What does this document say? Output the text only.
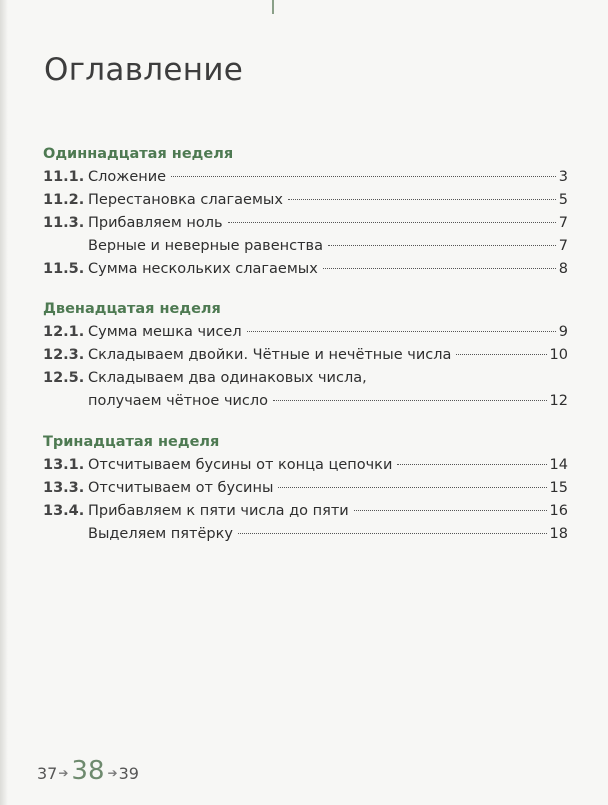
Оглавление
Одиннадцатая неделя
11.1. Сложение	3
11.2. Перестановка слагаемых	5
11.3. Прибавляем ноль	7
Верные и неверные равенства	7
11.5. Сумма нескольких слагаемых	8
Двенадцатая неделя
12.1. Сумма мешка чисел	9
12.3. Складываем двойки. Чётные и нечётные числа	10
12.5. Складываем два одинаковых числа,
получаем чётное число	12
Тринадцатая неделя
13.1. Отсчитываем бусины от конца цепочки	14
13.3. Отсчитываем от бусины	15
13.4. Прибавляем к пяти числа до пяти	16
Выделяем пятёрку	18
37 ➔ 38 ➔ 39
